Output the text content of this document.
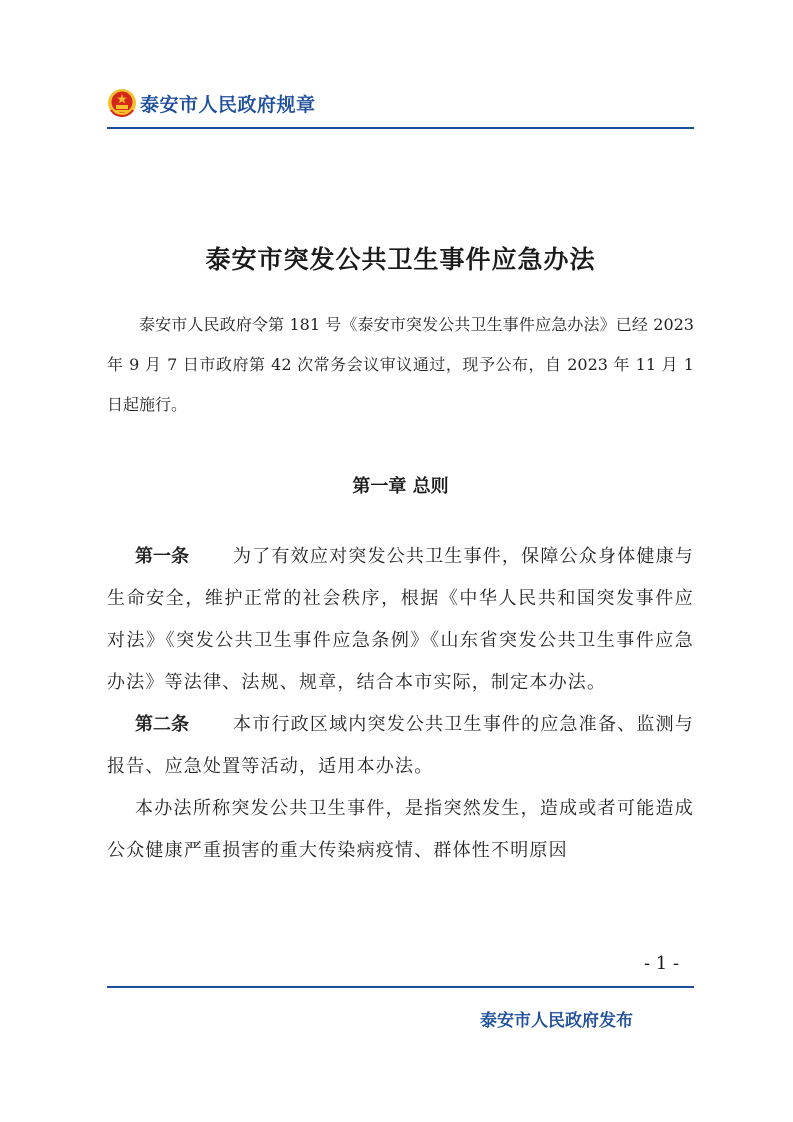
泰安市人民政府规章
泰安市突发公共卫生事件应急办法

泰安市人民政府令第 181 号《泰安市突发公共卫生事件应急办法》已经 2023 年 9 月 7 日市政府第 42 次常务会议审议通过，现予公布，自 2023 年 11 月 1 日起施行。

第一章 总则

第一条 为了有效应对突发公共卫生事件，保障公众身体健康与生命安全，维护正常的社会秩序，根据《中华人民共和国突发事件应对法》《突发公共卫生事件应急条例》《山东省突发公共卫生事件应急办法》等法律、法规、规章，结合本市实际，制定本办法。

第二条 本市行政区域内突发公共卫生事件的应急准备、监测与报告、应急处置等活动，适用本办法。

本办法所称突发公共卫生事件，是指突然发生，造成或者可能造成公众健康严重损害的重大传染病疫情、群体性不明原因

- 1 -
泰安市人民政府发布
